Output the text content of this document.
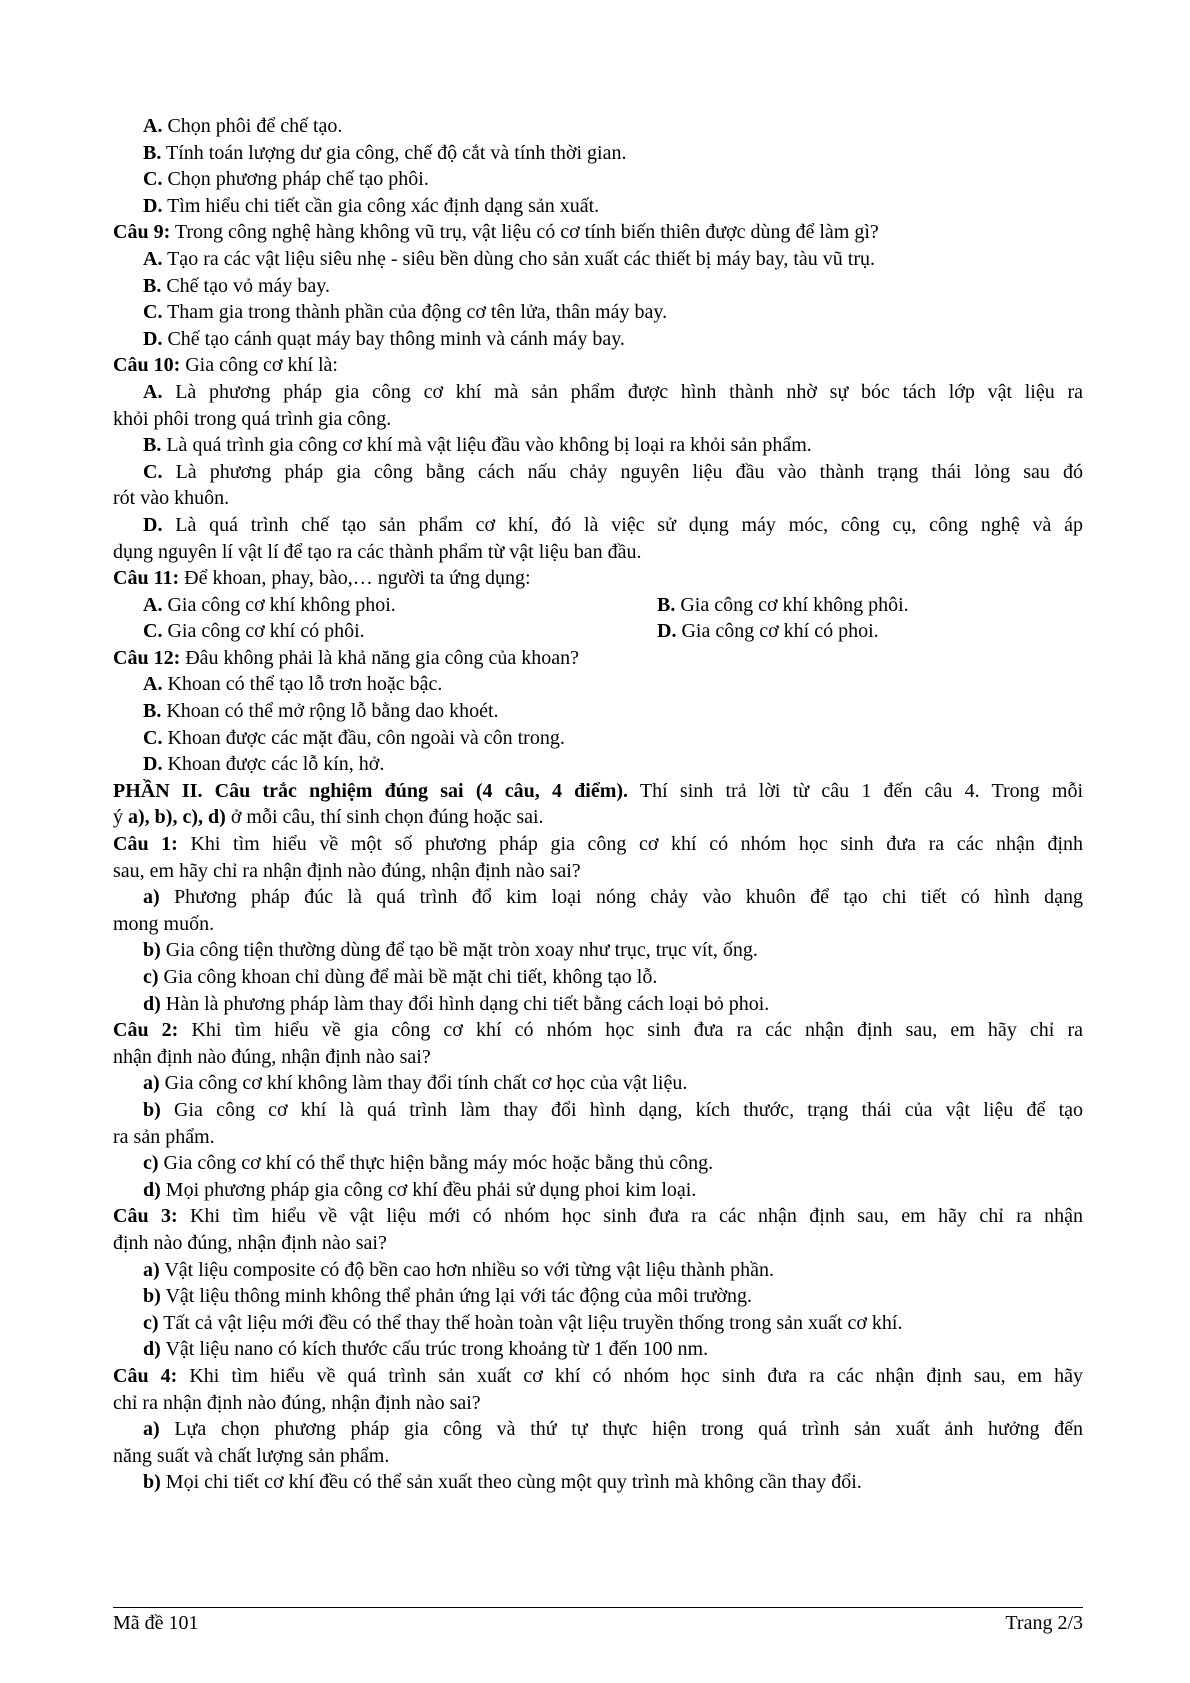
A. Chọn phôi để chế tạo.
B. Tính toán lượng dư gia công, chế độ cắt và tính thời gian.
C. Chọn phương pháp chế tạo phôi.
D. Tìm hiểu chi tiết cần gia công xác định dạng sản xuất.
Câu 9: Trong công nghệ hàng không vũ trụ, vật liệu có cơ tính biến thiên được dùng để làm gì?
A. Tạo ra các vật liệu siêu nhẹ - siêu bền dùng cho sản xuất các thiết bị máy bay, tàu vũ trụ.
B. Chế tạo vỏ máy bay.
C. Tham gia trong thành phần của động cơ tên lửa, thân máy bay.
D. Chế tạo cánh quạt máy bay thông minh và cánh máy bay.
Câu 10: Gia công cơ khí là:
A. Là phương pháp gia công cơ khí mà sản phẩm được hình thành nhờ sự bóc tách lớp vật liệu ra
khỏi phôi trong quá trình gia công.
B. Là quá trình gia công cơ khí mà vật liệu đầu vào không bị loại ra khỏi sản phẩm.
C. Là phương pháp gia công bằng cách nấu chảy nguyên liệu đầu vào thành trạng thái lỏng sau đó
rót vào khuôn.
D. Là quá trình chế tạo sản phẩm cơ khí, đó là việc sử dụng máy móc, công cụ, công nghệ và áp
dụng nguyên lí vật lí để tạo ra các thành phẩm từ vật liệu ban đầu.
Câu 11: Để khoan, phay, bào,… người ta ứng dụng:
A. Gia công cơ khí không phoi.	B. Gia công cơ khí không phôi.
C. Gia công cơ khí có phôi.	D. Gia công cơ khí có phoi.
Câu 12: Đâu không phải là khả năng gia công của khoan?
A. Khoan có thể tạo lỗ trơn hoặc bậc.
B. Khoan có thể mở rộng lỗ bằng dao khoét.
C. Khoan được các mặt đầu, côn ngoài và côn trong.
D. Khoan được các lỗ kín, hở.
PHẦN II. Câu trắc nghiệm đúng sai (4 câu, 4 điểm). Thí sinh trả lời từ câu 1 đến câu 4. Trong mỗi
ý a), b), c), d) ở mỗi câu, thí sinh chọn đúng hoặc sai.
Câu 1: Khi tìm hiểu về một số phương pháp gia công cơ khí có nhóm học sinh đưa ra các nhận định
sau, em hãy chỉ ra nhận định nào đúng, nhận định nào sai?
a) Phương pháp đúc là quá trình đổ kim loại nóng chảy vào khuôn để tạo chi tiết có hình dạng
mong muốn.
b) Gia công tiện thường dùng để tạo bề mặt tròn xoay như trục, trục vít, ống.
c) Gia công khoan chỉ dùng để mài bề mặt chi tiết, không tạo lỗ.
d) Hàn là phương pháp làm thay đổi hình dạng chi tiết bằng cách loại bỏ phoi.
Câu 2: Khi tìm hiểu về gia công cơ khí có nhóm học sinh đưa ra các nhận định sau, em hãy chỉ ra
nhận định nào đúng, nhận định nào sai?
a) Gia công cơ khí không làm thay đổi tính chất cơ học của vật liệu.
b) Gia công cơ khí là quá trình làm thay đổi hình dạng, kích thước, trạng thái của vật liệu để tạo
ra sản phẩm.
c) Gia công cơ khí có thể thực hiện bằng máy móc hoặc bằng thủ công.
d) Mọi phương pháp gia công cơ khí đều phải sử dụng phoi kim loại.
Câu 3: Khi tìm hiểu về vật liệu mới có nhóm học sinh đưa ra các nhận định sau, em hãy chỉ ra nhận
định nào đúng, nhận định nào sai?
a) Vật liệu composite có độ bền cao hơn nhiều so với từng vật liệu thành phần.
b) Vật liệu thông minh không thể phản ứng lại với tác động của môi trường.
c) Tất cả vật liệu mới đều có thể thay thế hoàn toàn vật liệu truyền thống trong sản xuất cơ khí.
d) Vật liệu nano có kích thước cấu trúc trong khoảng từ 1 đến 100 nm.
Câu 4: Khi tìm hiểu về quá trình sản xuất cơ khí có nhóm học sinh đưa ra các nhận định sau, em hãy
chỉ ra nhận định nào đúng, nhận định nào sai?
a) Lựa chọn phương pháp gia công và thứ tự thực hiện trong quá trình sản xuất ảnh hưởng đến
năng suất và chất lượng sản phẩm.
b) Mọi chi tiết cơ khí đều có thể sản xuất theo cùng một quy trình mà không cần thay đổi.
Mã đề 101	Trang 2/3
